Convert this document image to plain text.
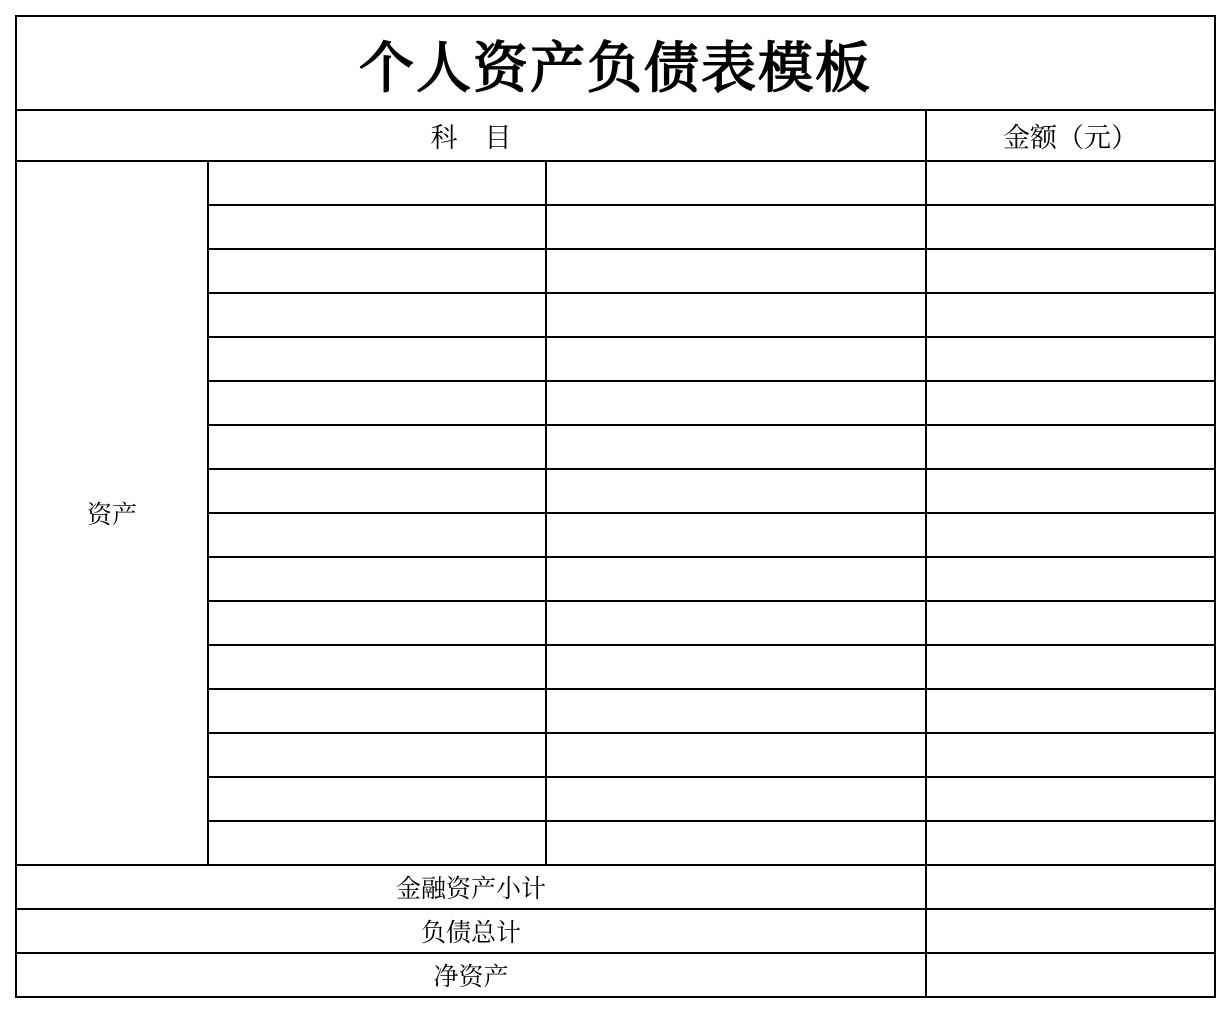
个人资产负债表模板			
科　目			金额（元）
资产			

金融资产小计			
负债总计			
净资产			
